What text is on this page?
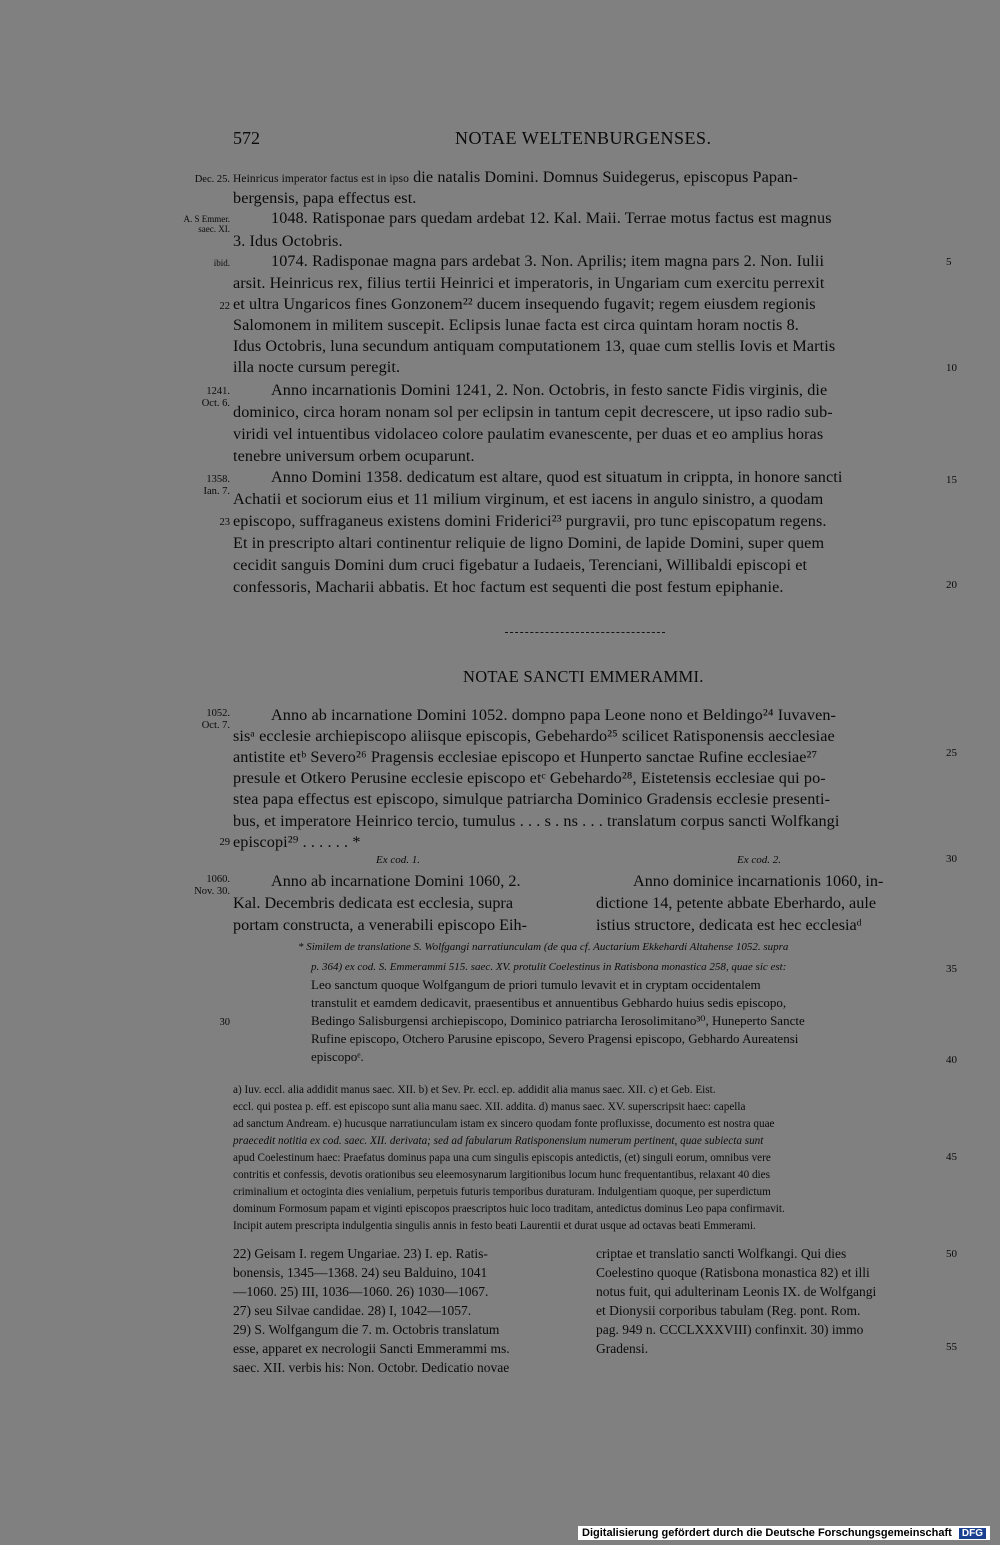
572	NOTAE WELTENBURGENSES.
Dec. 25.
A. S Emmer.
saec. XI.
ibid.
22
1241.
Oct. 6.
1358.
Ian. 7.
23
1052.
Oct. 7.
29
1060.
Nov. 30.
30
5
10
15
20
25
30
35
40
45
50
55
Heinricus imperator factus est in ipso die natalis Domini. Domnus Suidegerus, episcopus Papan-
bergensis, papa effectus est.
1048. Ratisponae pars quedam ardebat 12. Kal. Maii. Terrae motus factus est magnus
3. Idus Octobris.
1074. Radisponae magna pars ardebat 3. Non. Aprilis; item magna pars 2. Non. Iulii
arsit. Heinricus rex, filius tertii Heinrici et imperatoris, in Ungariam cum exercitu perrexit
et ultra Ungaricos fines Gonzonem²² ducem insequendo fugavit; regem eiusdem regionis
Salomonem in militem suscepit. Eclipsis lunae facta est circa quintam horam noctis 8.
Idus Octobris, luna secundum antiquam computationem 13, quae cum stellis Iovis et Martis
illa nocte cursum peregit.
Anno incarnationis Domini 1241, 2. Non. Octobris, in festo sancte Fidis virginis, die
dominico, circa horam nonam sol per eclipsin in tantum cepit decrescere, ut ipso radio sub-
viridi vel intuentibus vidolaceo colore paulatim evanescente, per duas et eo amplius horas
tenebre universum orbem ocuparunt.
Anno Domini 1358. dedicatum est altare, quod est situatum in crippta, in honore sancti
Achatii et sociorum eius et 11 milium virginum, et est iacens in angulo sinistro, a quodam
episcopo, suffraganeus existens domini Friderici²³ purgravii, pro tunc episcopatum regens.
Et in prescripto altari continentur reliquie de ligno Domini, de lapide Domini, super quem
cecidit sanguis Domini dum cruci figebatur a Iudaeis, Terenciani, Willibaldi episcopi et
confessoris, Macharii abbatis. Et hoc factum est sequenti die post festum epiphanie.
NOTAE SANCTI EMMERAMMI.
Anno ab incarnatione Domini 1052. dompno papa Leone nono et Beldingo²⁴ Iuvaven-
sisᵃ ecclesie archiepiscopo aliisque episcopis, Gebehardo²⁵ scilicet Ratisponensis aecclesiae
antistite etᵇ Severo²⁶ Pragensis ecclesiae episcopo et Hunperto sanctae Rufine ecclesiae²⁷
presule et Otkero Perusine ecclesie episcopo etᶜ Gebehardo²⁸, Eistetensis ecclesiae qui po-
stea papa effectus est episcopo, simulque patriarcha Dominico Gradensis ecclesie presenti-
bus, et imperatore Heinrico tercio, tumulus . . . s . ns . . . translatum corpus sancti Wolfkangi
episcopi²⁹ . . . . . . *
Ex cod. 1.	Ex cod. 2.
Anno ab incarnatione Domini 1060, 2.
Kal. Decembris dedicata est ecclesia, supra
portam constructa, a venerabili episcopo Eih-
Anno dominice incarnationis 1060, in-
dictione 14, petente abbate Eberhardo, aule
istius structore, dedicata est hec ecclesiaᵈ
* Similem de translatione S. Wolfgangi narratiunculam (de qua cf. Auctarium Ekkehardi Altahense 1052. supra
p. 364) ex cod. S. Emmerammi 515. saec. XV. protulit Coelestinus in Ratisbona monastica 258, quae sic est:
Leo sanctum quoque Wolfgangum de priori tumulo levavit et in cryptam occidentalem
transtulit et eamdem dedicavit, praesentibus et annuentibus Gebhardo huius sedis episcopo,
Bedingo Salisburgensi archiepiscopo, Dominico patriarcha Ierosolimitano³⁰, Huneperto Sancte
Rufine episcopo, Otchero Parusine episcopo, Severo Pragensi episcopo, Gebhardo Aureatensi
episcopoᵉ.
a) Iuv. eccl. alia addidit manus saec. XII. b) et Sev. Pr. eccl. ep. addidit alia manus saec. XII. c) et Geb. Eist.
eccl. qui postea p. eff. est episcopo sunt alia manu saec. XII. addita. d) manus saec. XV. superscripsit haec: capella
ad sanctum Andream. e) hucusque narratiunculam istam ex sincero quodam fonte profluxisse, documento est nostra quae
praecedit notitia ex cod. saec. XII. derivata; sed ad fabularum Ratisponensium numerum pertinent, quae subiecta sunt
apud Coelestinum haec: Praefatus dominus papa una cum singulis episcopis antedictis, (et) singuli eorum, omnibus vere
contritis et confessis, devotis orationibus seu eleemosynarum largitionibus locum hunc frequentantibus, relaxant 40 dies
criminalium et octoginta dies venialium, perpetuis futuris temporibus duraturam. Indulgentiam quoque, per superdictum
dominum Formosum papam et viginti episcopos praescriptos huic loco traditam, antedictus dominus Leo papa confirmavit.
Incipit autem prescripta indulgentia singulis annis in festo beati Laurentii et durat usque ad octavas beati Emmerami.
22) Geisam I. regem Ungariae. 23) I. ep. Ratis-
bonensis, 1345—1368. 24) seu Balduino, 1041
—1060. 25) III, 1036—1060. 26) 1030—1067.
27) seu Silvae candidae. 28) I, 1042—1057.
29) S. Wolfgangum die 7. m. Octobris translatum
esse, apparet ex necrologii Sancti Emmerammi ms.
saec. XII. verbis his: Non. Octobr. Dedicatio novae
criptae et translatio sancti Wolfkangi. Qui dies
Coelestino quoque (Ratisbona monastica 82) et illi
notus fuit, qui adulterinam Leonis IX. de Wolfgangi
et Dionysii corporibus tabulam (Reg. pont. Rom.
pag. 949 n. CCCLXXXVIII) confinxit. 30) immo
Gradensi.
Digitalisierung gefördert durch die Deutsche Forschungsgemeinschaft DFG
